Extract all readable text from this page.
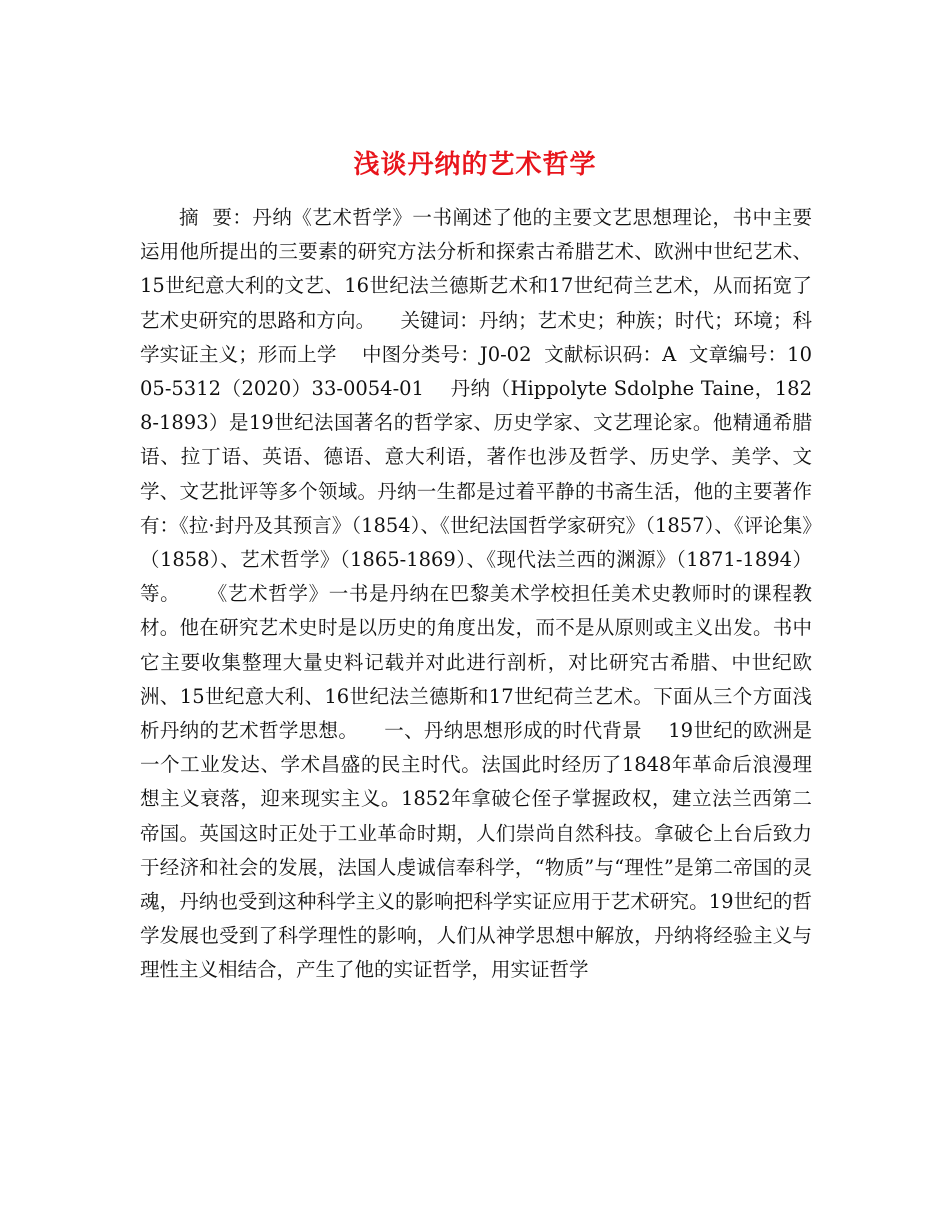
浅谈丹纳的艺术哲学

摘  要：丹纳《艺术哲学》一书阐述了他的主要文艺思想理论，书中主要运用他所提出的三要素的研究方法分析和探索古希腊艺术、欧洲中世纪艺术、15世纪意大利的文艺、16世纪法兰德斯艺术和17世纪荷兰艺术，从而拓宽了艺术史研究的思路和方向。    关键词：丹纳；艺术史；种族；时代；环境；科学实证主义；形而上学    中图分类号：J0-02  文献标识码：A  文章编号：1005-5312（2020）33-0054-01    丹纳（Hippolyte Sdolphe Taine，1828-1893）是19世纪法国著名的哲学家、历史学家、文艺理论家。他精通希腊语、拉丁语、英语、德语、意大利语，著作也涉及哲学、历史学、美学、文学、文艺批评等多个领域。丹纳一生都是过着平静的书斋生活，他的主要著作有：《拉·封丹及其预言》（1854）、《世纪法国哲学家研究》（1857）、《评论集》（1858）、艺术哲学》（1865-1869）、《现代法兰西的渊源》（1871-1894）等。    《艺术哲学》一书是丹纳在巴黎美术学校担任美术史教师时的课程教材。他在研究艺术史时是以历史的角度出发，而不是从原则或主义出发。书中它主要收集整理大量史料记载并对此进行剖析，对比研究古希腊、中世纪欧洲、15世纪意大利、16世纪法兰德斯和17世纪荷兰艺术。下面从三个方面浅析丹纳的艺术哲学思想。    一、丹纳思想形成的时代背景    19世纪的欧洲是一个工业发达、学术昌盛的民主时代。法国此时经历了1848年革命后浪漫理想主义衰落，迎来现实主义。1852年拿破仑侄子掌握政权，建立法兰西第二帝国。英国这时正处于工业革命时期，人们崇尚自然科技。拿破仑上台后致力于经济和社会的发展，法国人虔诚信奉科学，“物质”与“理性”是第二帝国的灵魂，丹纳也受到这种科学主义的影响把科学实证应用于艺术研究。19世纪的哲学发展也受到了科学理性的影响，人们从神学思想中解放，丹纳将经验主义与理性主义相结合，产生了他的实证哲学，用实证哲学
